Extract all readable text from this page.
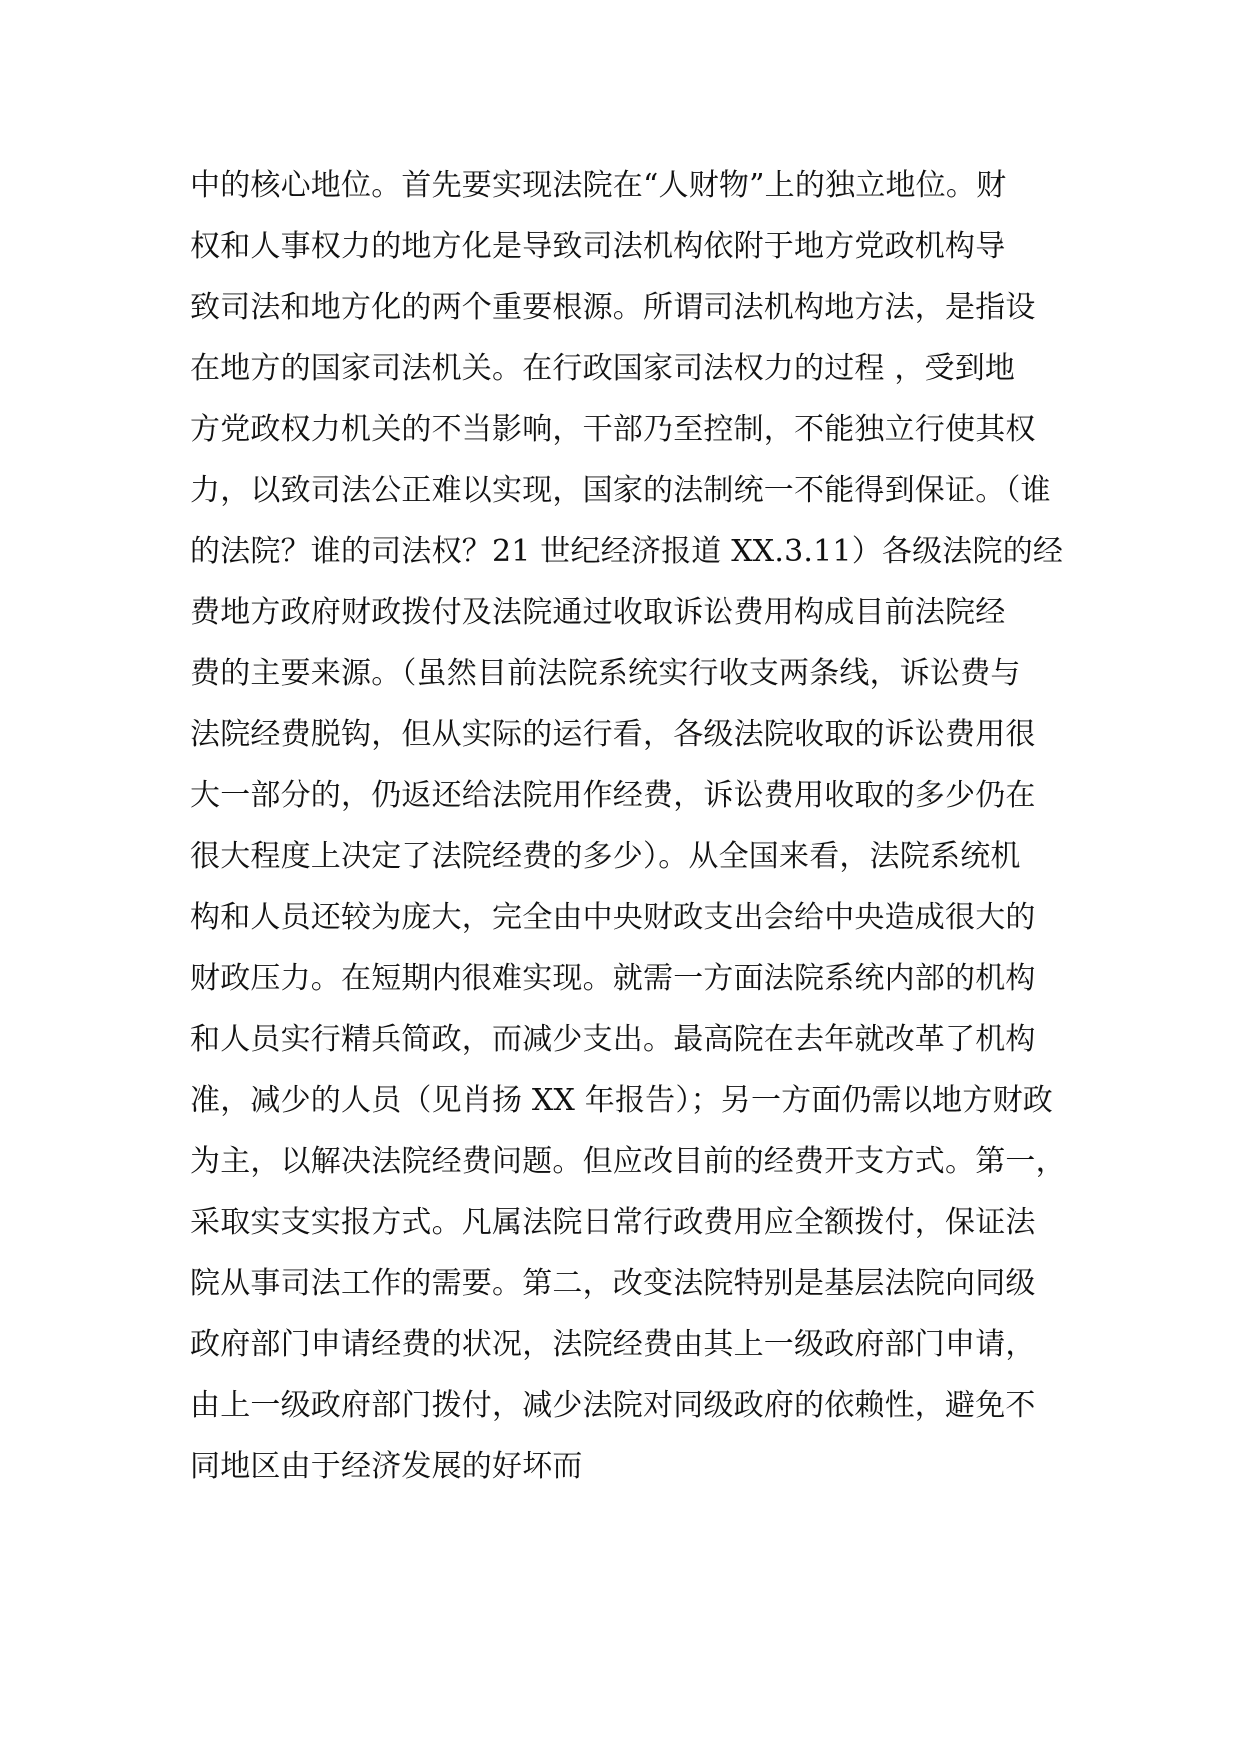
中的核心地位。首先要实现法院在“人财物”上的独立地位。财
权和人事权力的地方化是导致司法机构依附于地方党政机构导
致司法和地方化的两个重要根源。所谓司法机构地方法，是指设
在地方的国家司法机关。在行政国家司法权力的过程 ，受到地
方党政权力机关的不当影响，干部乃至控制，不能独立行使其权
力，以致司法公正难以实现，国家的法制统一不能得到保证。（谁
的法院？谁的司法权？21 世纪经济报道 XX.3.11）各级法院的经
费地方政府财政拨付及法院通过收取诉讼费用构成目前法院经
费的主要来源。（虽然目前法院系统实行收支两条线，诉讼费与
法院经费脱钩，但从实际的运行看，各级法院收取的诉讼费用很
大一部分的，仍返还给法院用作经费，诉讼费用收取的多少仍在
很大程度上决定了法院经费的多少）。从全国来看，法院系统机
构和人员还较为庞大，完全由中央财政支出会给中央造成很大的
财政压力。在短期内很难实现。就需一方面法院系统内部的机构
和人员实行精兵简政，而减少支出。最高院在去年就改革了机构
准，减少的人员（见肖扬 XX 年报告）；另一方面仍需以地方财政
为主，以解决法院经费问题。但应改目前的经费开支方式。第一，
采取实支实报方式。凡属法院日常行政费用应全额拨付，保证法
院从事司法工作的需要。第二，改变法院特别是基层法院向同级
政府部门申请经费的状况，法院经费由其上一级政府部门申请，
由上一级政府部门拨付，减少法院对同级政府的依赖性，避免不
同地区由于经济发展的好坏而
